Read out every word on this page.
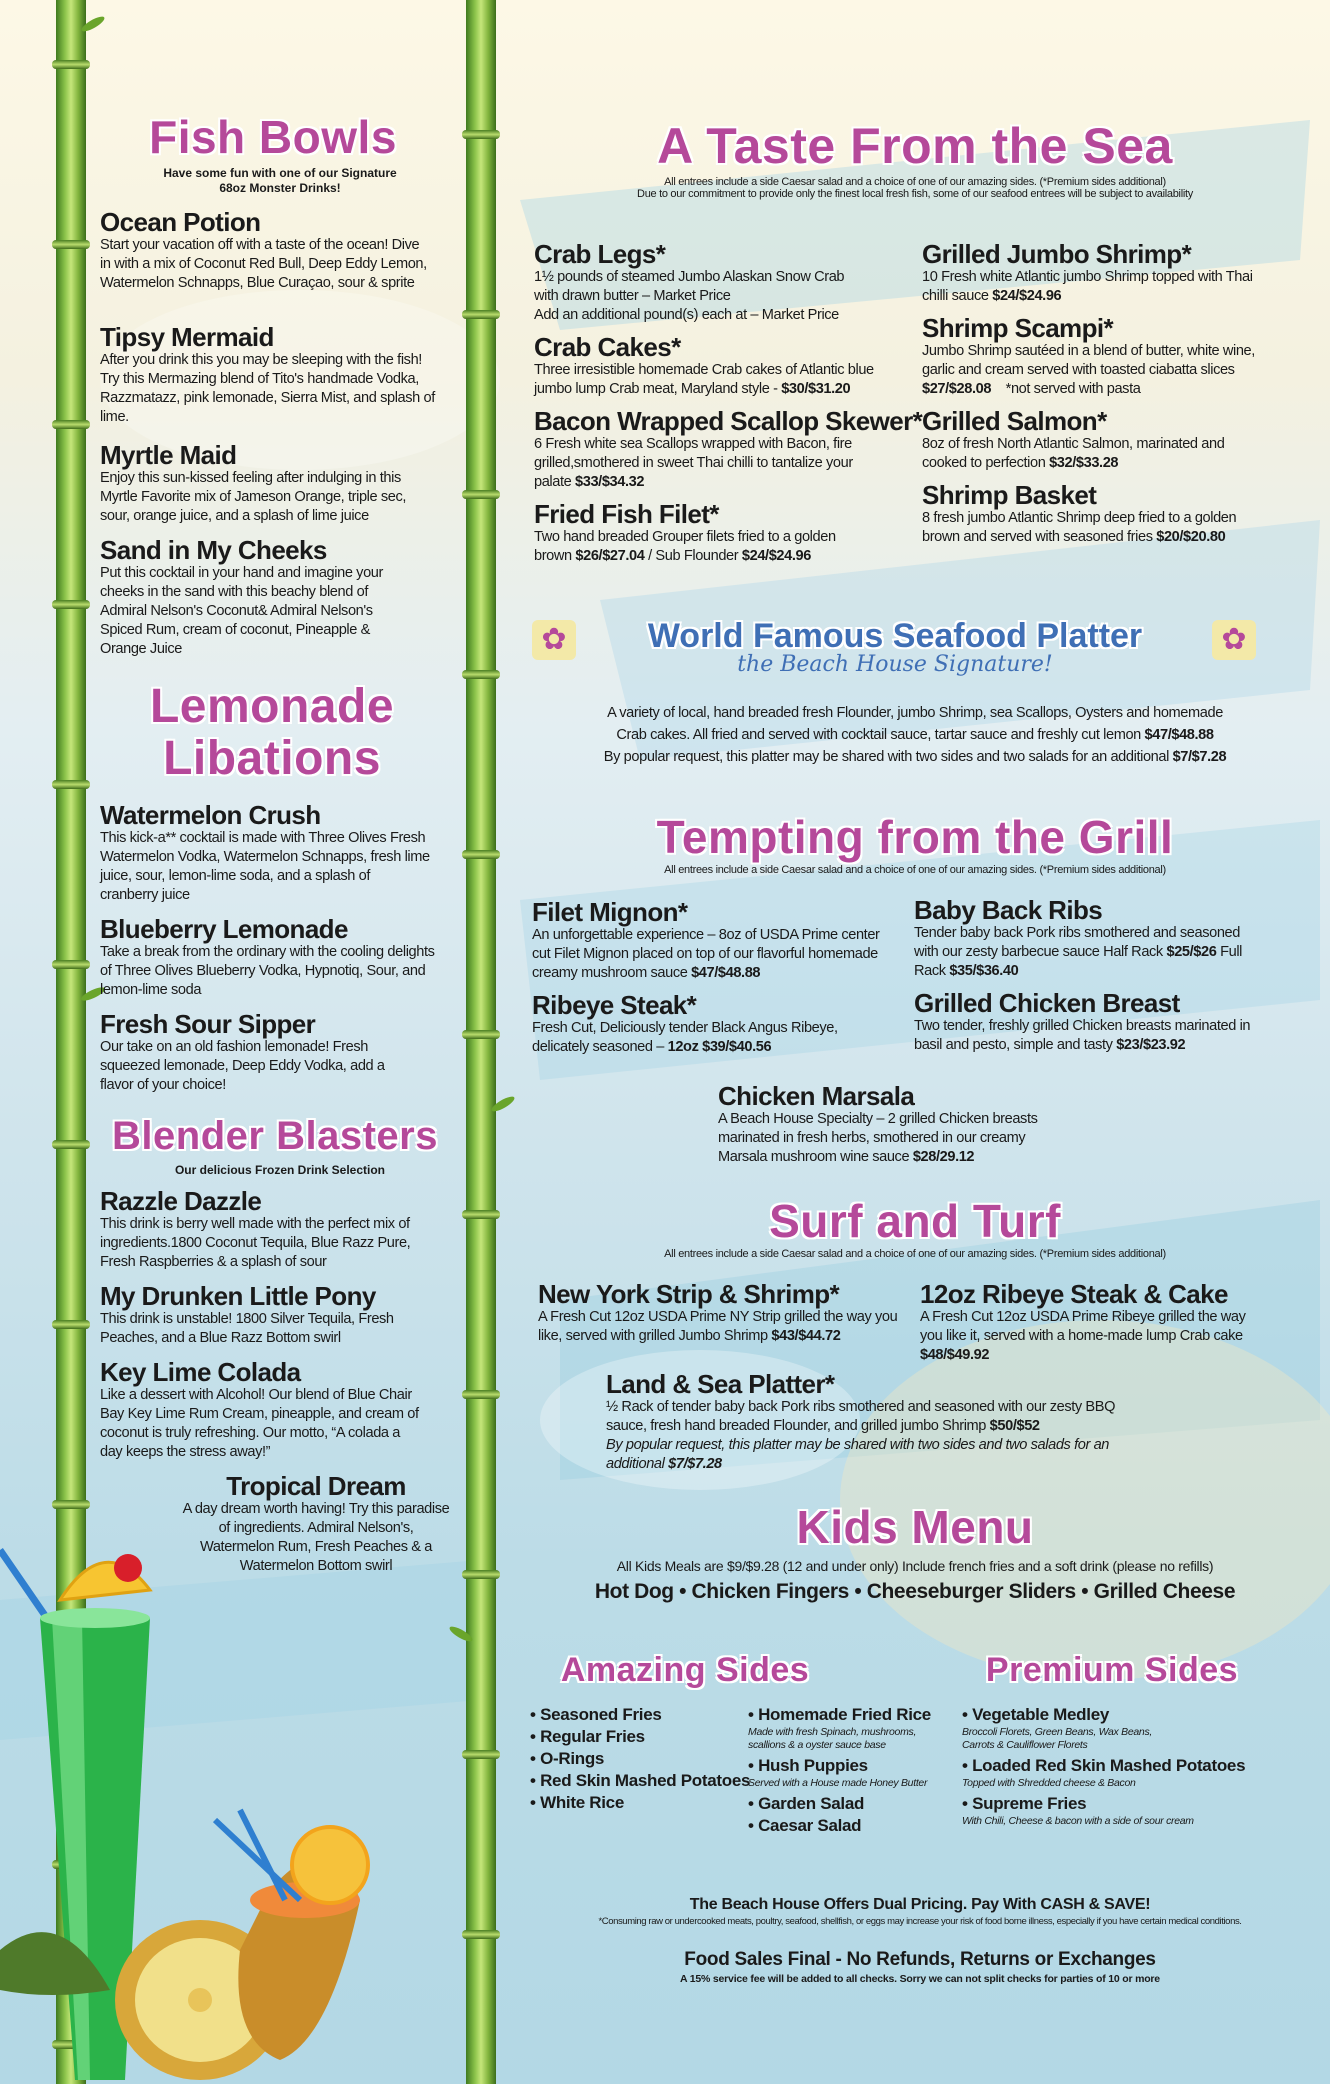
Fish Bowls
Have some fun with one of our Signature 68oz Monster Drinks!
Ocean Potion
Start your vacation off with a taste of the ocean! Dive in with a mix of Coconut Red Bull, Deep Eddy Lemon, Watermelon Schnapps, Blue Curaçao, sour & sprite
Tipsy Mermaid
After you drink this you may be sleeping with the fish! Try this Mermazing blend of Tito's handmade Vodka, Razzmatazz, pink lemonade, Sierra Mist, and splash of lime.
Myrtle Maid
Enjoy this sun-kissed feeling after indulging in this Myrtle Favorite mix of Jameson Orange, triple sec, sour, orange juice, and a splash of lime juice
Sand in My Cheeks
Put this cocktail in your hand and imagine your cheeks in the sand with this beachy blend of Admiral Nelson's Coconut& Admiral Nelson's Spiced Rum, cream of coconut, Pineapple & Orange Juice
Lemonade
Libations
Watermelon Crush
This kick-a** cocktail is made with Three Olives Fresh Watermelon Vodka, Watermelon Schnapps, fresh lime juice, sour, lemon-lime soda, and a splash of cranberry juice
Blueberry Lemonade
Take a break from the ordinary with the cooling delights of Three Olives Blueberry Vodka, Hypnotiq, Sour, and lemon-lime soda
Fresh Sour Sipper
Our take on an old fashion lemonade! Fresh squeezed lemonade, Deep Eddy Vodka, add a flavor of your choice!
Blender Blasters
Our delicious Frozen Drink Selection
Razzle Dazzle
This drink is berry well made with the perfect mix of ingredients.1800 Coconut Tequila, Blue Razz Pure, Fresh Raspberries & a splash of sour
My Drunken Little Pony
This drink is unstable! 1800 Silver Tequila, Fresh Peaches, and a Blue Razz Bottom swirl
Key Lime Colada
Like a dessert with Alcohol! Our blend of Blue Chair Bay Key Lime Rum Cream, pineapple, and cream of coconut is truly refreshing. Our motto, “A colada a day keeps the stress away!”
Tropical Dream
A day dream worth having! Try this paradise of ingredients. Admiral Nelson's, Watermelon Rum, Fresh Peaches & a Watermelon Bottom swirl
A Taste From the Sea
All entrees include a side Caesar salad and a choice of one of our amazing sides. (*Premium sides additional)
Due to our commitment to provide only the finest local fresh fish, some of our seafood entrees will be subject to availability
Crab Legs*
1½ pounds of steamed Jumbo Alaskan Snow Crab with drawn butter – Market Price
Add an additional pound(s) each at – Market Price
Crab Cakes*
Three irresistible homemade Crab cakes of Atlantic blue jumbo lump Crab meat, Maryland style - $30/$31.20
Bacon Wrapped Scallop Skewer*
6 Fresh white sea Scallops wrapped with Bacon, fire grilled,smothered in sweet Thai chilli to tantalize your palate $33/$34.32
Fried Fish Filet*
Two hand breaded Grouper filets fried to a golden brown $26/$27.04 / Sub Flounder $24/$24.96
Grilled Jumbo Shrimp*
10 Fresh white Atlantic jumbo Shrimp topped with Thai chilli sauce $24/$24.96
Shrimp Scampi*
Jumbo Shrimp sautéed in a blend of butter, white wine, garlic and cream served with toasted ciabatta slices $27/$28.08    *not served with pasta
Grilled Salmon*
8oz of fresh North Atlantic Salmon, marinated and cooked to perfection $32/$33.28
Shrimp Basket
8 fresh jumbo Atlantic Shrimp deep fried to a golden brown and served with seasoned fries $20/$20.80
✿	✿
World Famous Seafood Platter
the Beach House Signature!
A variety of local, hand breaded fresh Flounder, jumbo Shrimp, sea Scallops, Oysters and homemade
Crab cakes. All fried and served with cocktail sauce, tartar sauce and freshly cut lemon $47/$48.88
By popular request, this platter may be shared with two sides and two salads for an additional $7/$7.28
Tempting from the Grill
All entrees include a side Caesar salad and a choice of one of our amazing sides. (*Premium sides additional)
Filet Mignon*
An unforgettable experience – 8oz of USDA Prime center cut Filet Mignon placed on top of our flavorful homemade creamy mushroom sauce $47/$48.88
Ribeye Steak*
Fresh Cut, Deliciously tender Black Angus Ribeye, delicately seasoned – 12oz $39/$40.56
Baby Back Ribs
Tender baby back Pork ribs smothered and seasoned with our zesty barbecue sauce Half Rack $25/$26 Full Rack $35/$36.40
Grilled Chicken Breast
Two tender, freshly grilled Chicken breasts marinated in basil and pesto, simple and tasty $23/$23.92
Chicken Marsala
A Beach House Specialty – 2 grilled Chicken breasts marinated in fresh herbs, smothered in our creamy Marsala mushroom wine sauce $28/29.12
Surf and Turf
All entrees include a side Caesar salad and a choice of one of our amazing sides. (*Premium sides additional)
New York Strip & Shrimp*
A Fresh Cut 12oz USDA Prime NY Strip grilled the way you like, served with grilled Jumbo Shrimp $43/$44.72
12oz Ribeye Steak & Cake
A Fresh Cut 12oz USDA Prime Ribeye grilled the way you like it, served with a home-made lump Crab cake $48/$49.92
Land & Sea Platter*
½ Rack of tender baby back Pork ribs smothered and seasoned with our zesty BBQ sauce, fresh hand breaded Flounder, and grilled jumbo Shrimp $50/$52
By popular request, this platter may be shared with two sides and two salads for an additional $7/$7.28
Kids Menu
All Kids Meals are $9/$9.28 (12 and under only) Include french fries and a soft drink (please no refills)
Hot Dog • Chicken Fingers • Cheeseburger Sliders • Grilled Cheese
Amazing Sides
• Seasoned Fries
• Regular Fries
• O-Rings
• Red Skin Mashed Potatoes
• White Rice
• Homemade Fried Rice
Made with fresh Spinach, mushrooms, scallions & a oyster sauce base
• Hush Puppies
Served with a House made Honey Butter
• Garden Salad
• Caesar Salad
Premium Sides
• Vegetable Medley
Broccoli Florets, Green Beans, Wax Beans, Carrots & Cauliflower Florets
• Loaded Red Skin Mashed Potatoes
Topped with Shredded cheese & Bacon
• Supreme Fries
With Chili, Cheese & bacon with a side of sour cream
The Beach House Offers Dual Pricing. Pay With CASH & SAVE!
*Consuming raw or undercooked meats, poultry, seafood, shellfish, or eggs may increase your risk of food borne illness, especially if you have certain medical conditions.
Food Sales Final - No Refunds, Returns or Exchanges
A 15% service fee will be added to all checks. Sorry we can not split checks for parties of 10 or more
